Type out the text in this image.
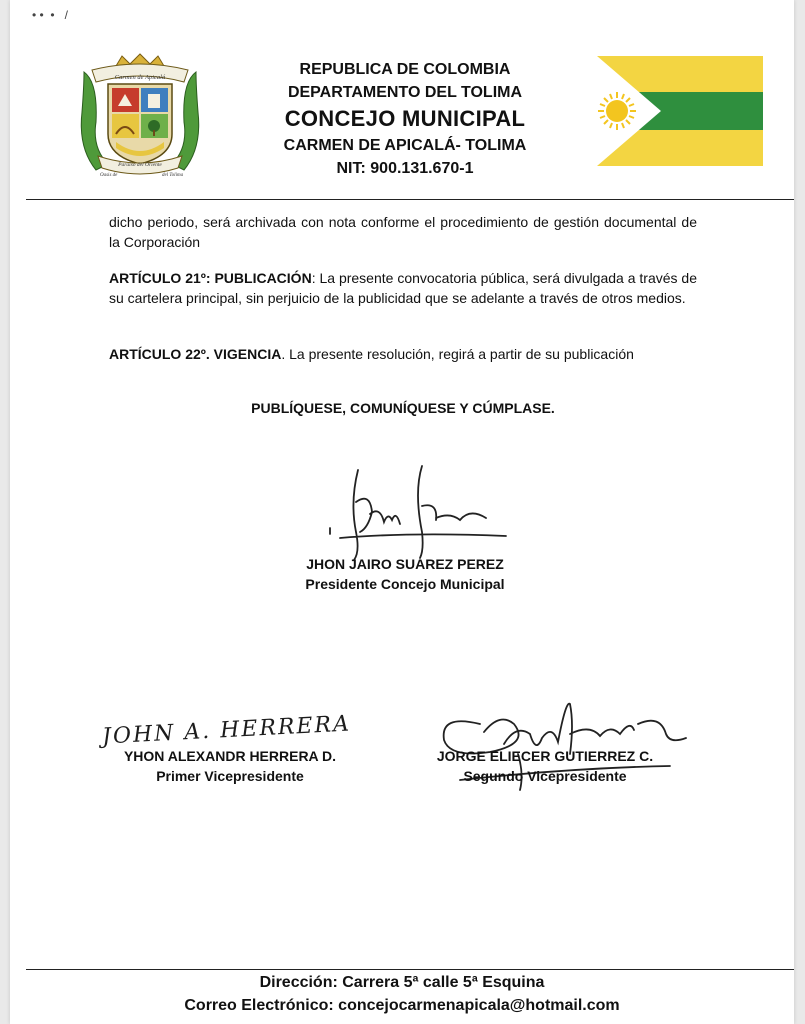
• •  •   /
Carmen de Apicalá
Paraíso del Oriente
Oasis de	del Tolima
REPUBLICA DE COLOMBIA
DEPARTAMENTO DEL TOLIMA
CONCEJO MUNICIPAL
CARMEN DE APICALÁ- TOLIMA
NIT: 900.131.670-1
dicho periodo, será archivada con nota conforme el procedimiento de gestión documental de la Corporación
ARTÍCULO 21º: PUBLICACIÓN: La presente convocatoria pública, será divulgada a través de su cartelera principal, sin perjuicio de la publicidad que se adelante a través de otros medios.
ARTÍCULO 22º. VIGENCIA. La presente resolución, regirá a partir de su publicación
PUBLÍQUESE, COMUNÍQUESE Y CÚMPLASE.
JHON JAIRO SUAREZ PEREZ
Presidente Concejo Municipal
JOHN A. HERRERA
YHON ALEXANDR HERRERA D.
Primer Vicepresidente
JORGE ELIECER GUTIERREZ C.
Segundo Vicepresidente
Dirección: Carrera 5ª calle 5ª Esquina
Correo Electrónico: concejocarmenapicala@hotmail.com
